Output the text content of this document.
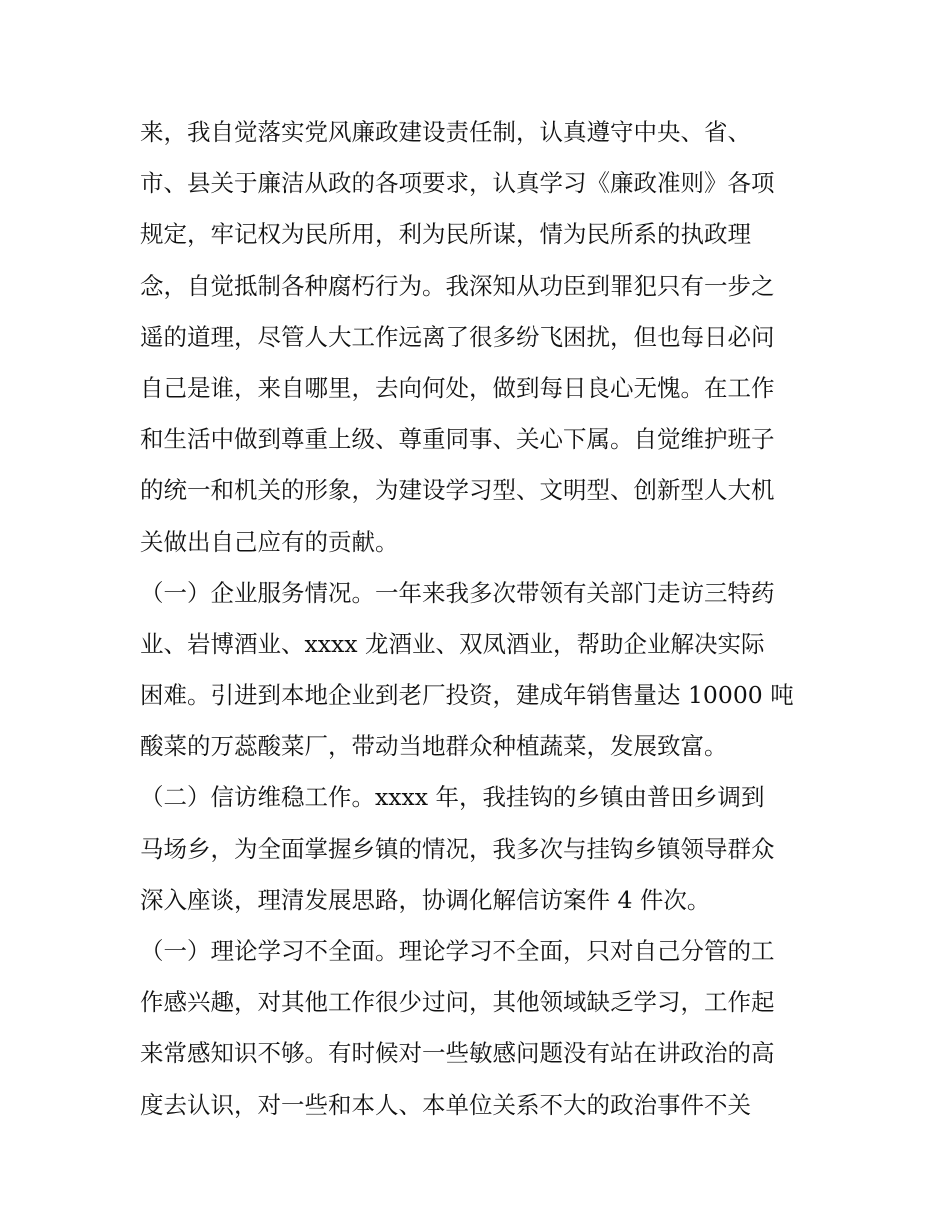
来，我自觉落实党风廉政建设责任制，认真遵守中央、省、
市、县关于廉洁从政的各项要求，认真学习《廉政准则》各项
规定，牢记权为民所用，利为民所谋，情为民所系的执政理
念，自觉抵制各种腐朽行为。我深知从功臣到罪犯只有一步之
遥的道理，尽管人大工作远离了很多纷飞困扰，但也每日必问
自己是谁，来自哪里，去向何处，做到每日良心无愧。在工作
和生活中做到尊重上级、尊重同事、关心下属。自觉维护班子
的统一和机关的形象，为建设学习型、文明型、创新型人大机
关做出自己应有的贡献。
（一）企业服务情况。一年来我多次带领有关部门走访三特药
业、岩博酒业、xxxx 龙酒业、双凤酒业，帮助企业解决实际
困难。引进到本地企业到老厂投资，建成年销售量达 10000 吨
酸菜的万蕊酸菜厂，带动当地群众种植蔬菜，发展致富。
（二）信访维稳工作。xxxx 年，我挂钩的乡镇由普田乡调到
马场乡，为全面掌握乡镇的情况，我多次与挂钩乡镇领导群众
深入座谈，理清发展思路，协调化解信访案件 4 件次。
（一）理论学习不全面。理论学习不全面，只对自己分管的工
作感兴趣，对其他工作很少过问，其他领域缺乏学习，工作起
来常感知识不够。有时候对一些敏感问题没有站在讲政治的高
度去认识，对一些和本人、本单位关系不大的政治事件不关
